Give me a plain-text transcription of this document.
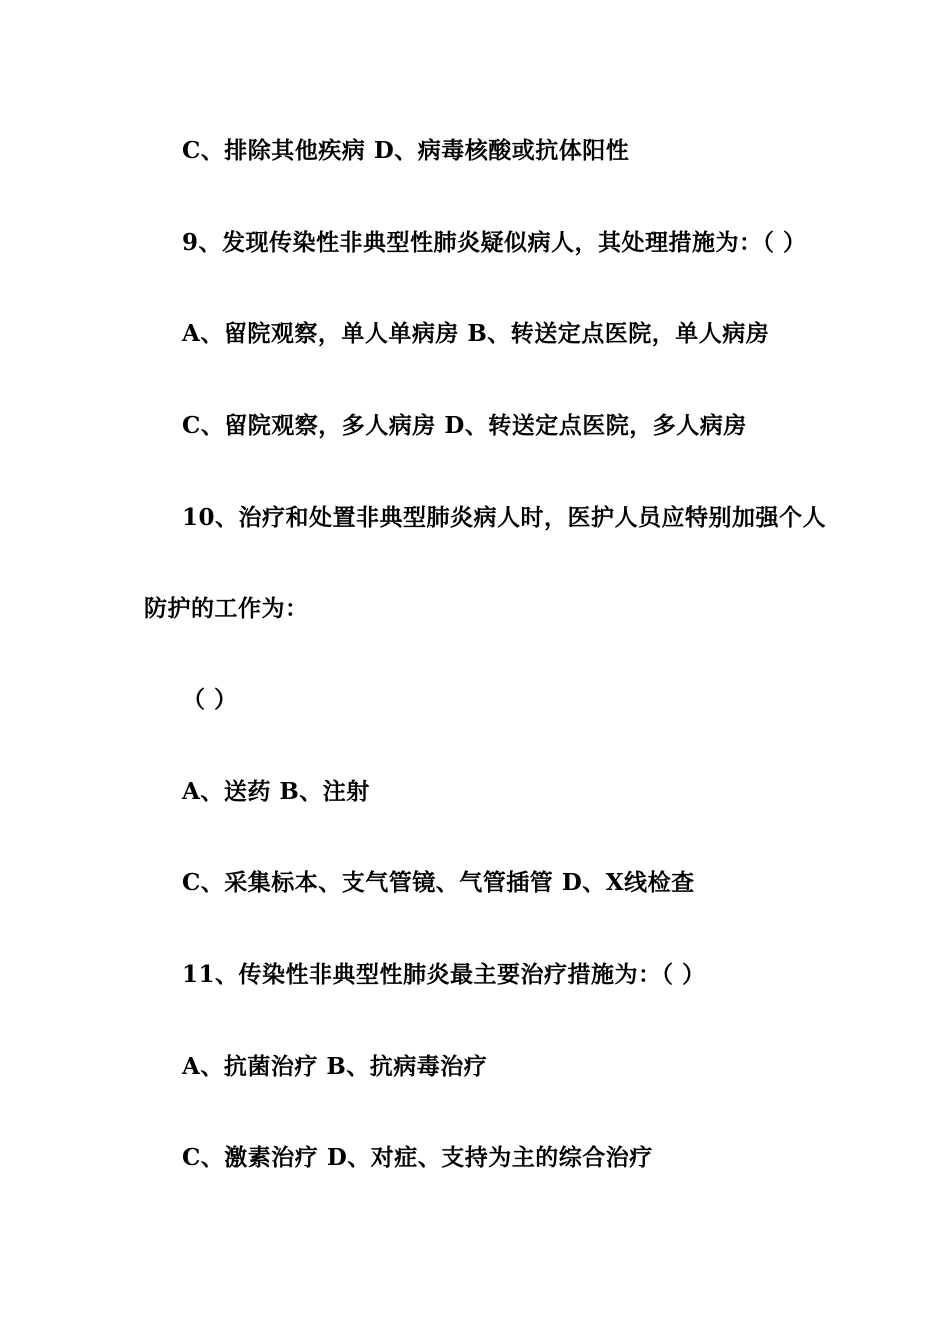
C、排除其他疾病 D、病毒核酸或抗体阳性

9、发现传染性非典型性肺炎疑似病人，其处理措施为：（ ）

A、留院观察，单人单病房 B、转送定点医院，单人病房

C、留院观察，多人病房 D、转送定点医院，多人病房

10、治疗和处置非典型肺炎病人时，医护人员应特别加强个人

防护的工作为：

（ ）

A、送药 B、注射

C、采集标本、支气管镜、气管插管 D、X线检查

11、传染性非典型性肺炎最主要治疗措施为：（ ）

A、抗菌治疗 B、抗病毒治疗

C、激素治疗 D、对症、支持为主的综合治疗
